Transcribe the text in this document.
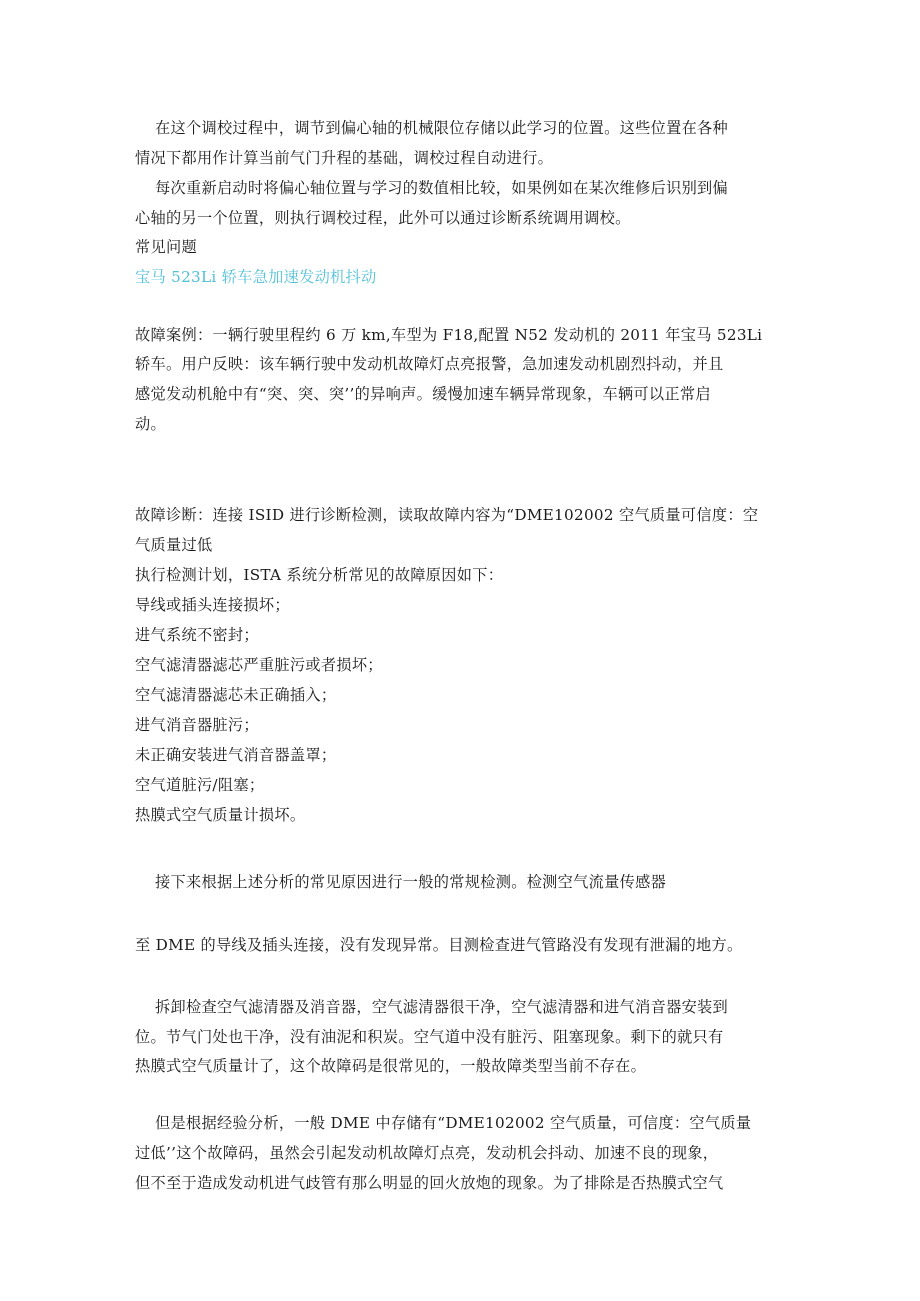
在这个调校过程中，调节到偏心轴的机械限位存储以此学习的位置。这些位置在各种
情况下都用作计算当前气门升程的基础，调校过程自动进行。
每次重新启动时将偏心轴位置与学习的数值相比较，如果例如在某次维修后识别到偏
心轴的另一个位置，则执行调校过程，此外可以通过诊断系统调用调校。
常见问题
宝马 523Li 轿车急加速发动机抖动
故障案例：一辆行驶里程约 6 万 km,车型为 F18,配置 N52 发动机的 2011 年宝马 523Li
轿车。用户反映：该车辆行驶中发动机故障灯点亮报警，急加速发动机剧烈抖动，并且
感觉发动机舱中有“突、突、突’’的异响声。缓慢加速车辆异常现象，车辆可以正常启
动。
故障诊断：连接 ISID 进行诊断检测，读取故障内容为“DME102002 空气质量可信度：空
气质量过低
执行检测计划，ISTA 系统分析常见的故障原因如下：
导线或插头连接损坏；
进气系统不密封；
空气滤清器滤芯严重脏污或者损坏；
空气滤清器滤芯未正确插入；
进气消音器脏污；
未正确安装进气消音器盖罩；
空气道脏污/阻塞；
热膜式空气质量计损坏。
接下来根据上述分析的常见原因进行一般的常规检测。检测空气流量传感器
至 DME 的导线及插头连接，没有发现异常。目测检查进气管路没有发现有泄漏的地方。
拆卸检查空气滤清器及消音器，空气滤清器很干净，空气滤清器和进气消音器安装到
位。节气门处也干净，没有油泥和积炭。空气道中没有脏污、阻塞现象。剩下的就只有
热膜式空气质量计了，这个故障码是很常见的，一般故障类型当前不存在。
但是根据经验分析，一般 DME 中存储有“DME102002 空气质量，可信度：空气质量
过低’’这个故障码，虽然会引起发动机故障灯点亮，发动机会抖动、加速不良的现象，
但不至于造成发动机进气歧管有那么明显的回火放炮的现象。为了排除是否热膜式空气
